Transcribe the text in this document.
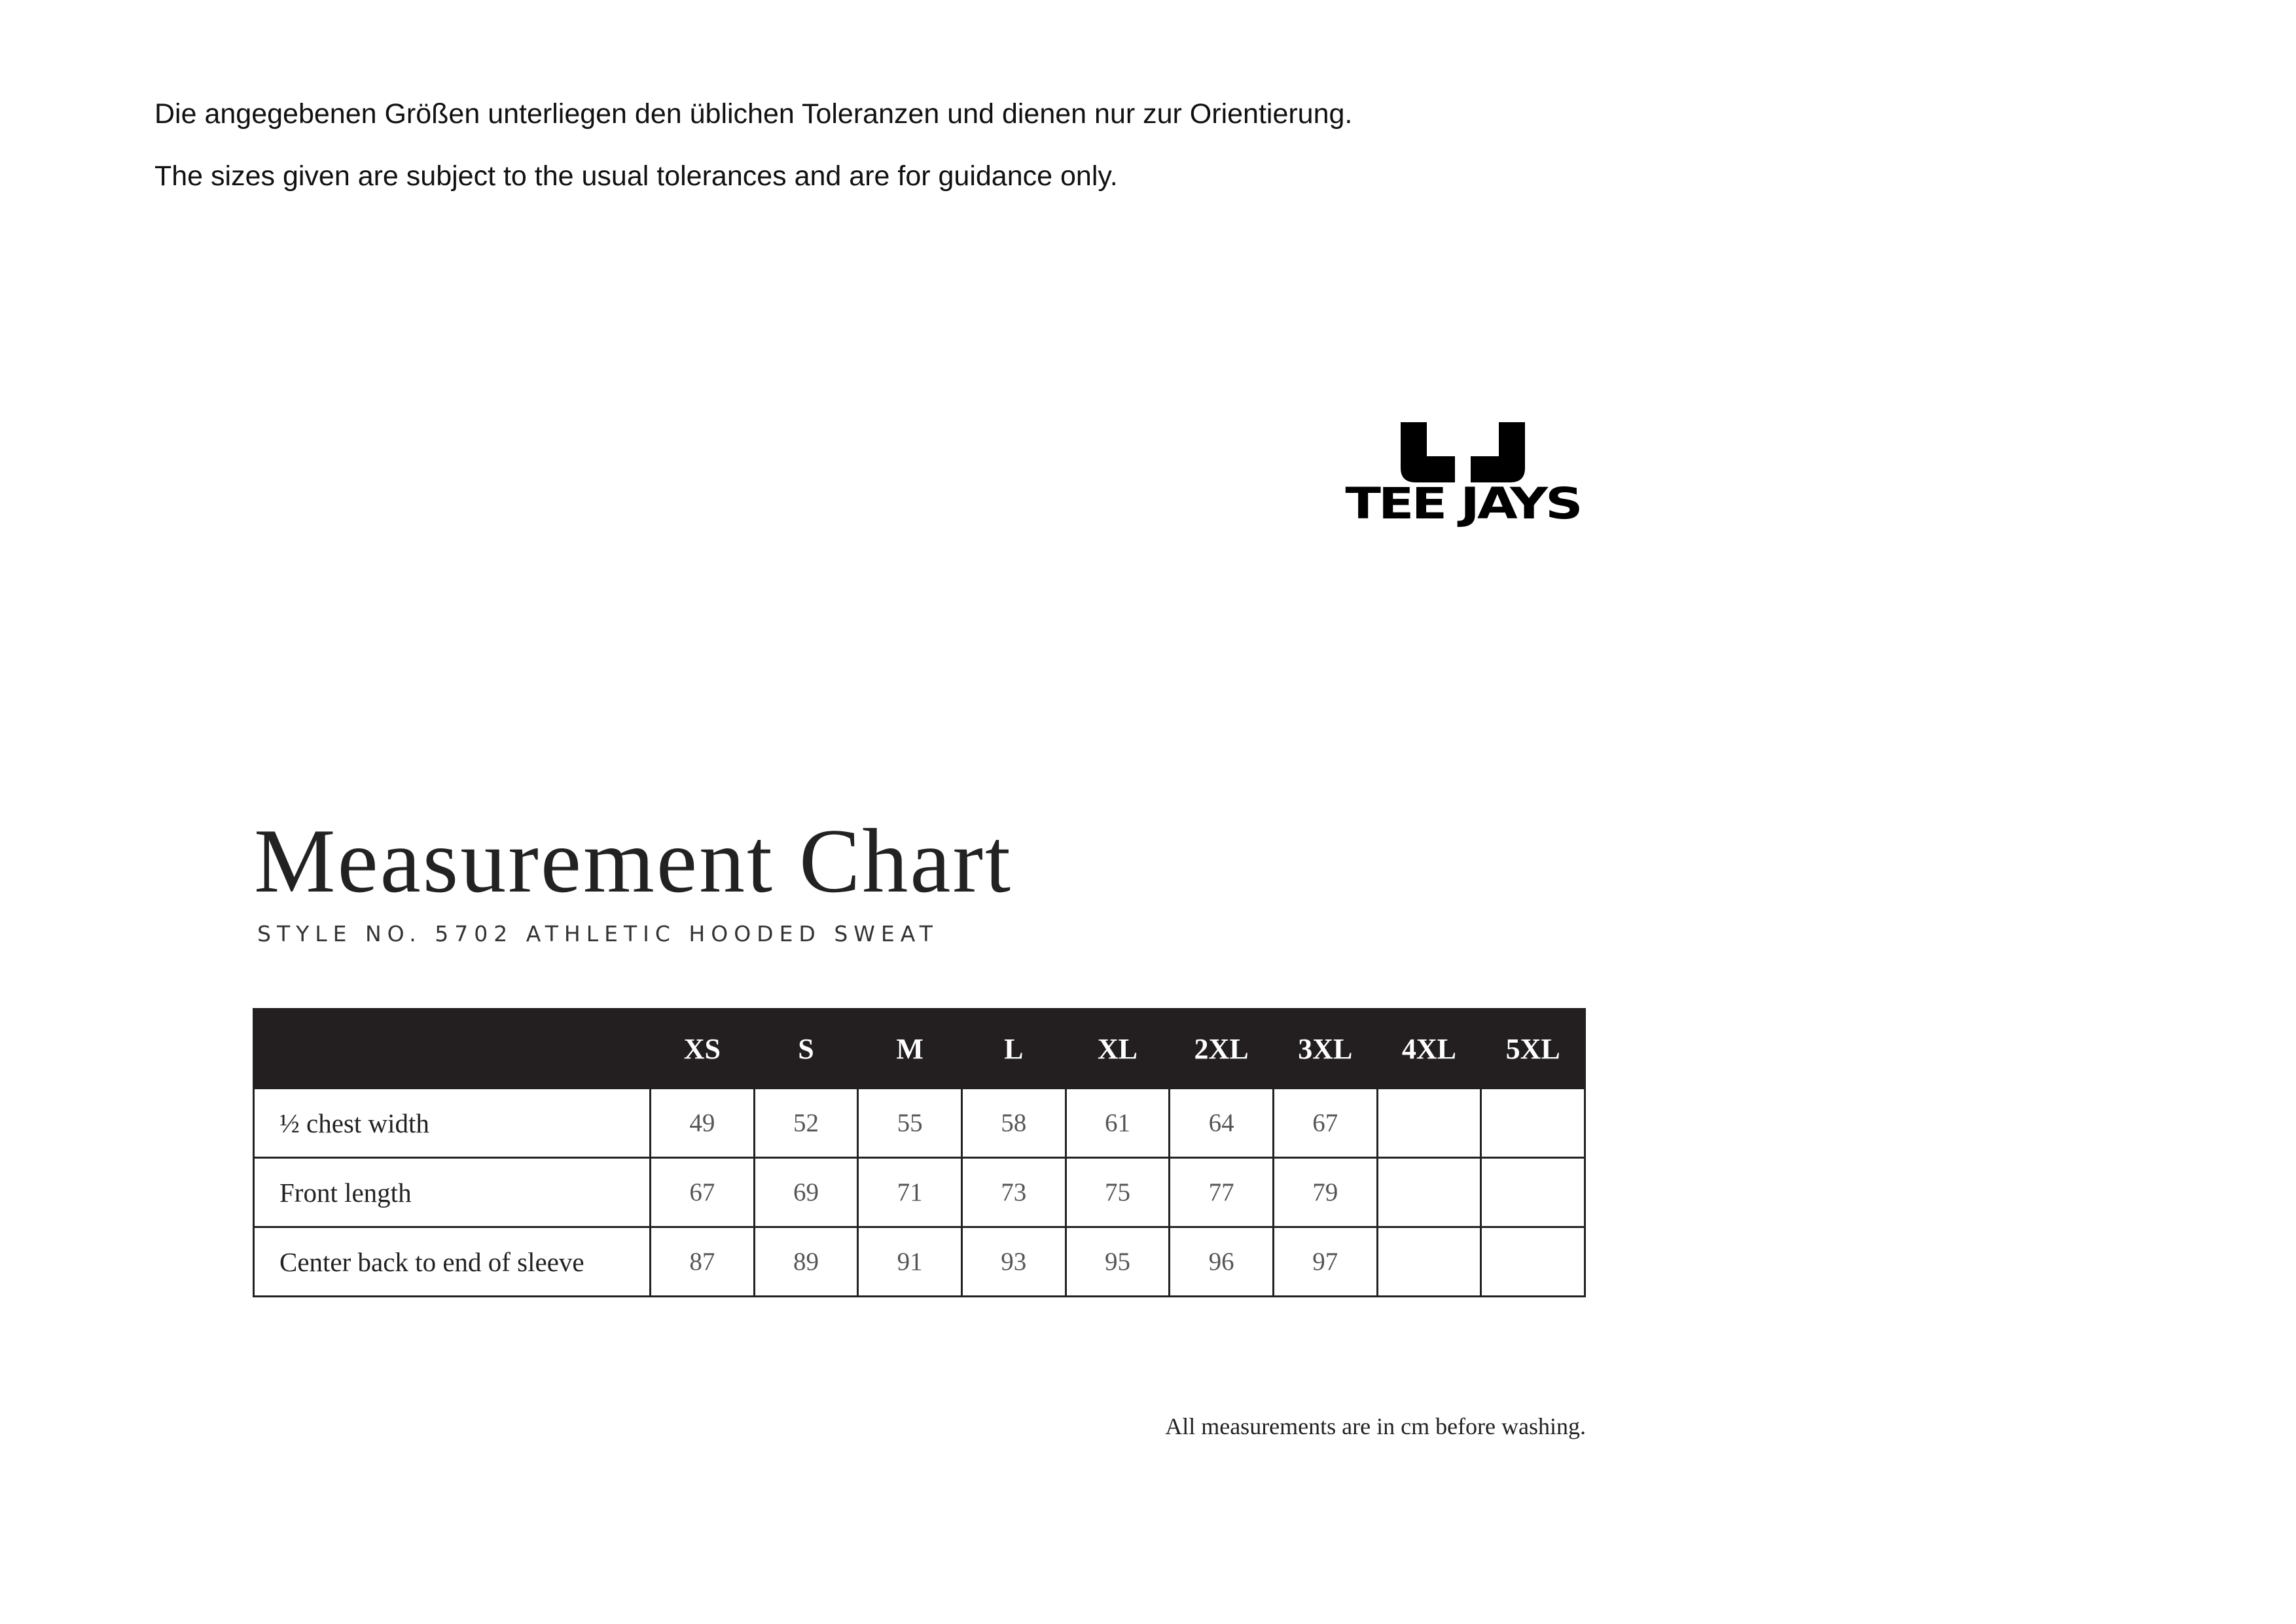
Die angegebenen Größen unterliegen den üblichen Toleranzen und dienen nur zur Orientierung.

The sizes given are subject to the usual tolerances and are for guidance only.

TEE JAYS
Measurement Chart
STYLE NO. 5702 ATHLETIC HOODED SWEAT
	XS	S	M	L	XL	2XL	3XL	4XL	5XL
½ chest width	49	52	55	58	61	64	67		
Front length	67	69	71	73	75	77	79		
Center back to end of sleeve	87	89	91	93	95	96	97		
All measurements are in cm before washing.
